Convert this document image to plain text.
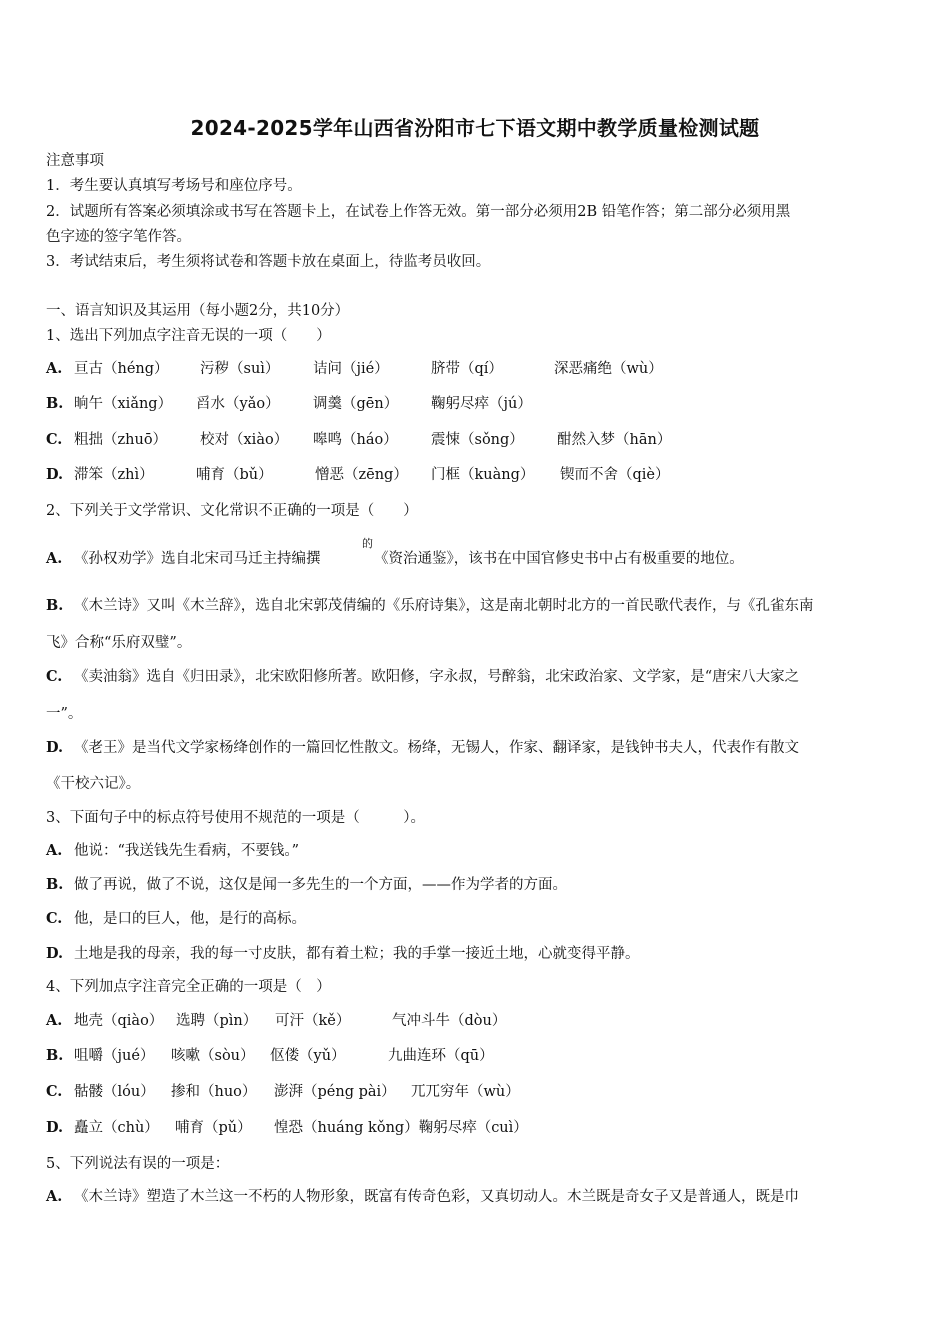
2024-2025学年山西省汾阳市七下语文期中教学质量检测试题
注意事项
1．考生要认真填写考场号和座位序号。
2．试题所有答案必须填涂或书写在答题卡上，在试卷上作答无效。第一部分必须用2B 铅笔作答；第二部分必须用黑
色字迹的签字笔作答。
3．考试结束后，考生须将试卷和答题卡放在桌面上，待监考员收回。
一、语言知识及其运用（每小题2分，共10分）
1、选出下列加点字注音无误的一项（　　）
A. 亘古（héng） 污秽（suì） 诘问（jié）	脐带（qí）	深恶痛绝（wù）
B. 晌午（xiǎng） 舀水（yǎo） 调羹（gēn） 鞠躬尽瘁（jú）
C. 粗拙（zhuō） 校对（xiào） 嗥鸣（háo） 震悚（sǒng） 酣然入梦（hān）
D. 滞笨（zhì）	哺育（bǔ）	憎恶（zēng） 门框（kuàng） 锲而不舍（qiè）
2、下列关于文学常识、文化常识不正确的一项是（　　）
A. 《孙权劝学》选自北宋司马迁主持编撰
的
《资治通鉴》，该书在中国官修史书中占有极重要的地位。
B. 《木兰诗》又叫《木兰辞》，选自北宋郭茂倩编的《乐府诗集》，这是南北朝时北方的一首民歌代表作，与《孔雀东南
飞》合称“乐府双璧”。
C. 《卖油翁》选自《归田录》，北宋欧阳修所著。欧阳修，字永叔，号醉翁，北宋政治家、文学家，是“唐宋八大家之
一”。
D. 《老王》是当代文学家杨绛创作的一篇回忆性散文。杨绛，无锡人，作家、翻译家，是钱钟书夫人，代表作有散文
《干校六记》。
3、下面句子中的标点符号使用不规范的一项是（　　　）。
A. 他说：“我送钱先生看病，不要钱。”
B. 做了再说，做了不说，这仅是闻一多先生的一个方面，——作为学者的方面。
C. 他，是口的巨人，他，是行的高标。
D. 土地是我的母亲，我的每一寸皮肤，都有着土粒；我的手掌一接近土地，心就变得平静。
4、下列加点字注音完全正确的一项是（　）
A. 地壳（qiào） 选聘（pìn） 可汗（kě）	气冲斗牛（dòu）
B. 咀嚼（jué） 咳嗽（sòu） 伛偻（yǔ）	九曲连环（qū）
C. 骷髅（lóu） 掺和（huo） 澎湃（péng pài） 兀兀穷年（wù）
D. 矗立（chù） 哺育（pǔ） 惶恐（huáng kǒng）鞠躬尽瘁（cuì）
5、下列说法有误的一项是：
A. 《木兰诗》塑造了木兰这一不朽的人物形象，既富有传奇色彩，又真切动人。木兰既是奇女子又是普通人，既是巾
